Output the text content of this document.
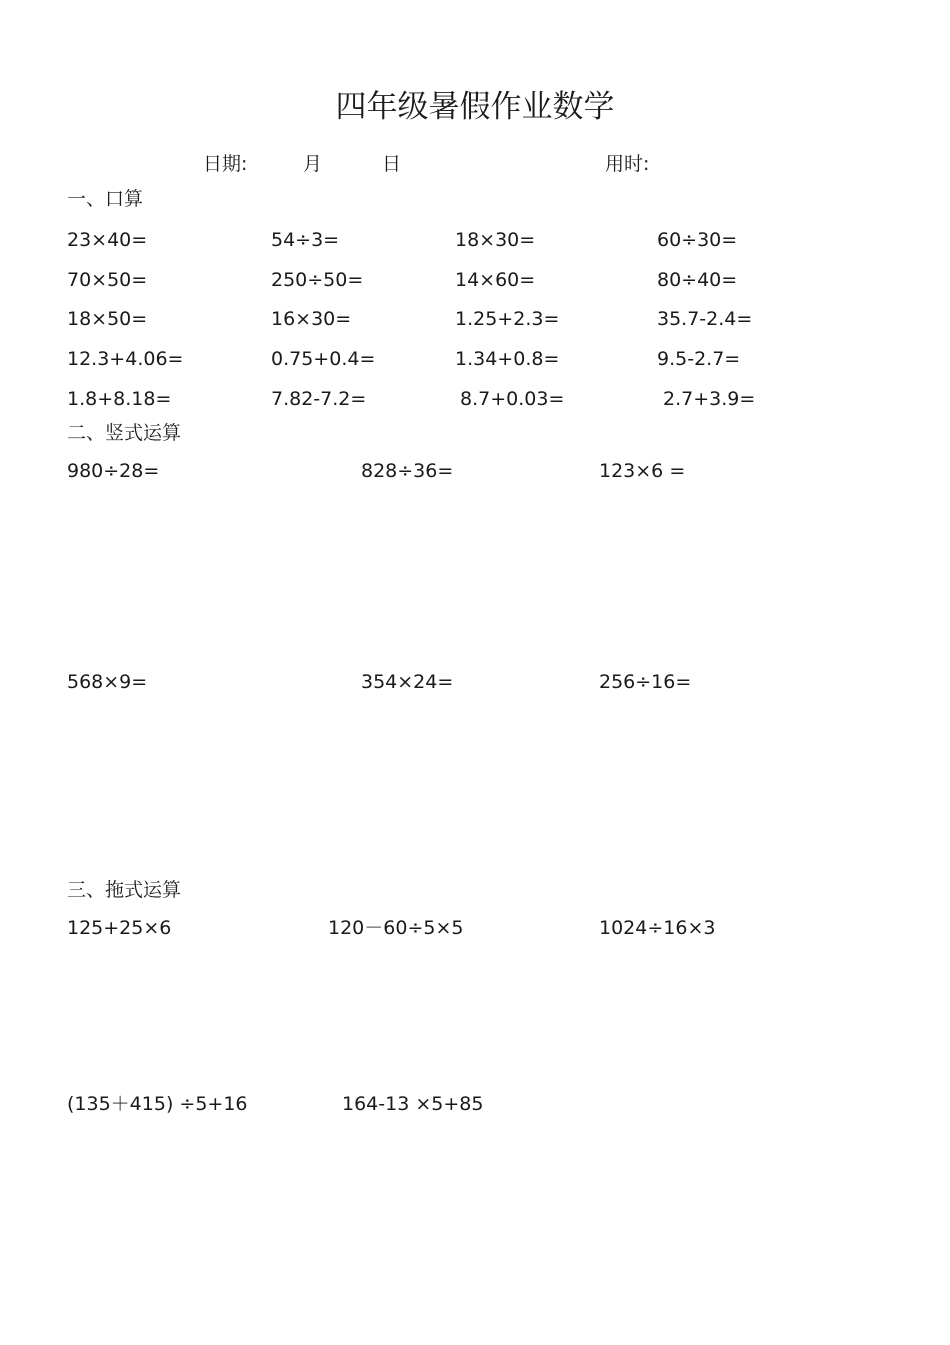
四年级暑假作业数学
日期:	月	日	用时:
一、口算
23×40=	54÷3=	18×30=	60÷30=
70×50=	250÷50=	14×60=	80÷40=
18×50=	16×30=	1.25+2.3=	35.7-2.4=
12.3+4.06=	0.75+0.4=	1.34+0.8=	9.5-2.7=
1.8+8.18=	7.82-7.2=	8.7+0.03=	2.7+3.9=
二、竖式运算
980÷28=	828÷36=	123×6 =
568×9=	354×24=	256÷16=
三、拖式运算
125+25×6	120－60÷5×5	1024÷16×3
(135＋415) ÷5+16	164-13 ×5+85
